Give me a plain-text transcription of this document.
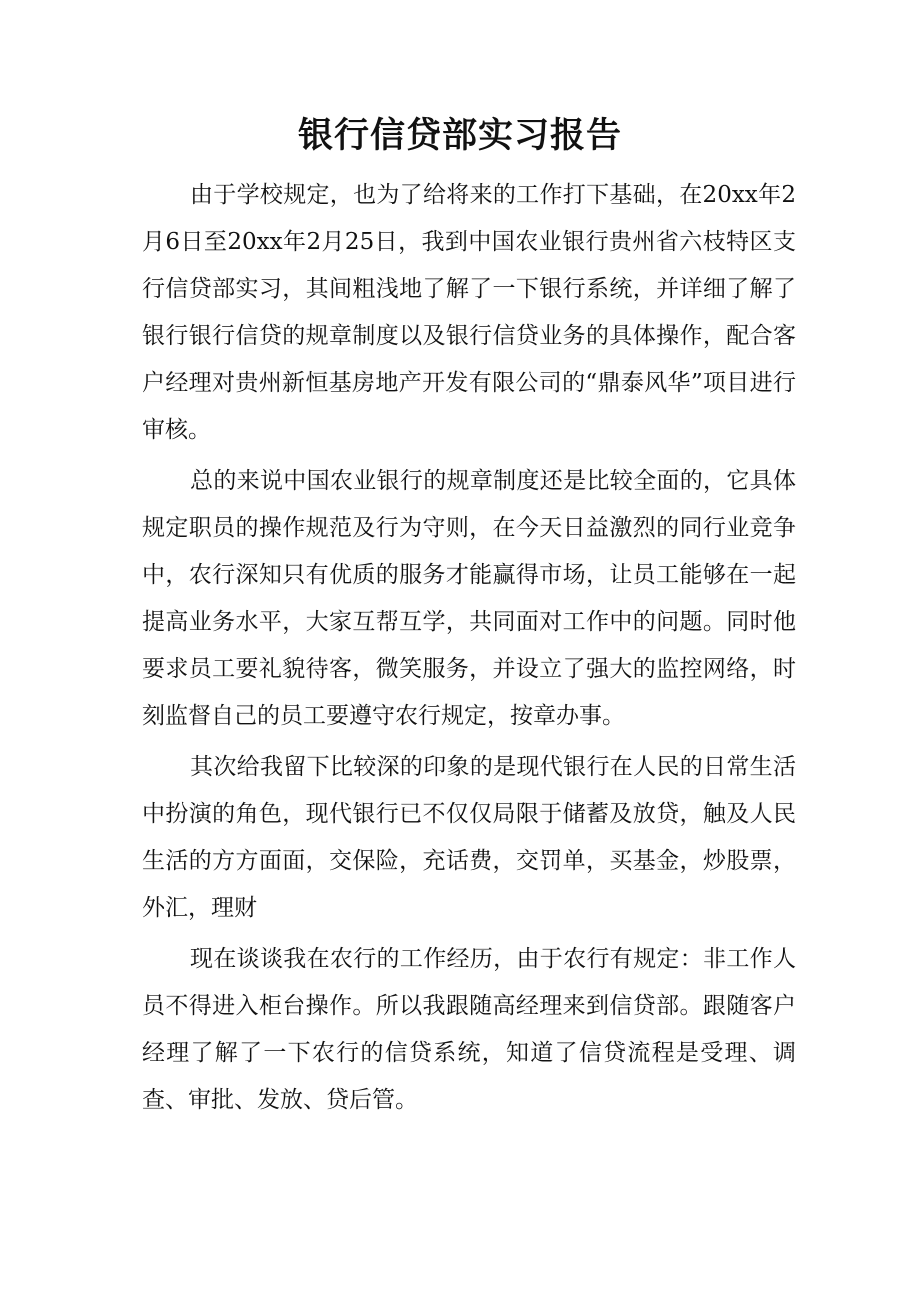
银行信贷部实习报告

由于学校规定，也为了给将来的工作打下基础，在20xx年2月6日至20xx年2月25日，我到中国农业银行贵州省六枝特区支行信贷部实习，其间粗浅地了解了一下银行系统，并详细了解了银行银行信贷的规章制度以及银行信贷业务的具体操作，配合客户经理对贵州新恒基房地产开发有限公司的“鼎泰风华”项目进行审核。

总的来说中国农业银行的规章制度还是比较全面的，它具体规定职员的操作规范及行为守则，在今天日益激烈的同行业竞争中，农行深知只有优质的服务才能赢得市场，让员工能够在一起提高业务水平，大家互帮互学，共同面对工作中的问题。同时他要求员工要礼貌待客，微笑服务，并设立了强大的监控网络，时刻监督自己的员工要遵守农行规定，按章办事。

其次给我留下比较深的印象的是现代银行在人民的日常生活中扮演的角色，现代银行已不仅仅局限于储蓄及放贷，触及人民生活的方方面面，交保险，充话费，交罚单，买基金，炒股票，外汇，理财

现在谈谈我在农行的工作经历，由于农行有规定：非工作人员不得进入柜台操作。所以我跟随高经理来到信贷部。跟随客户经理了解了一下农行的信贷系统，知道了信贷流程是受理、调查、审批、发放、贷后管。
